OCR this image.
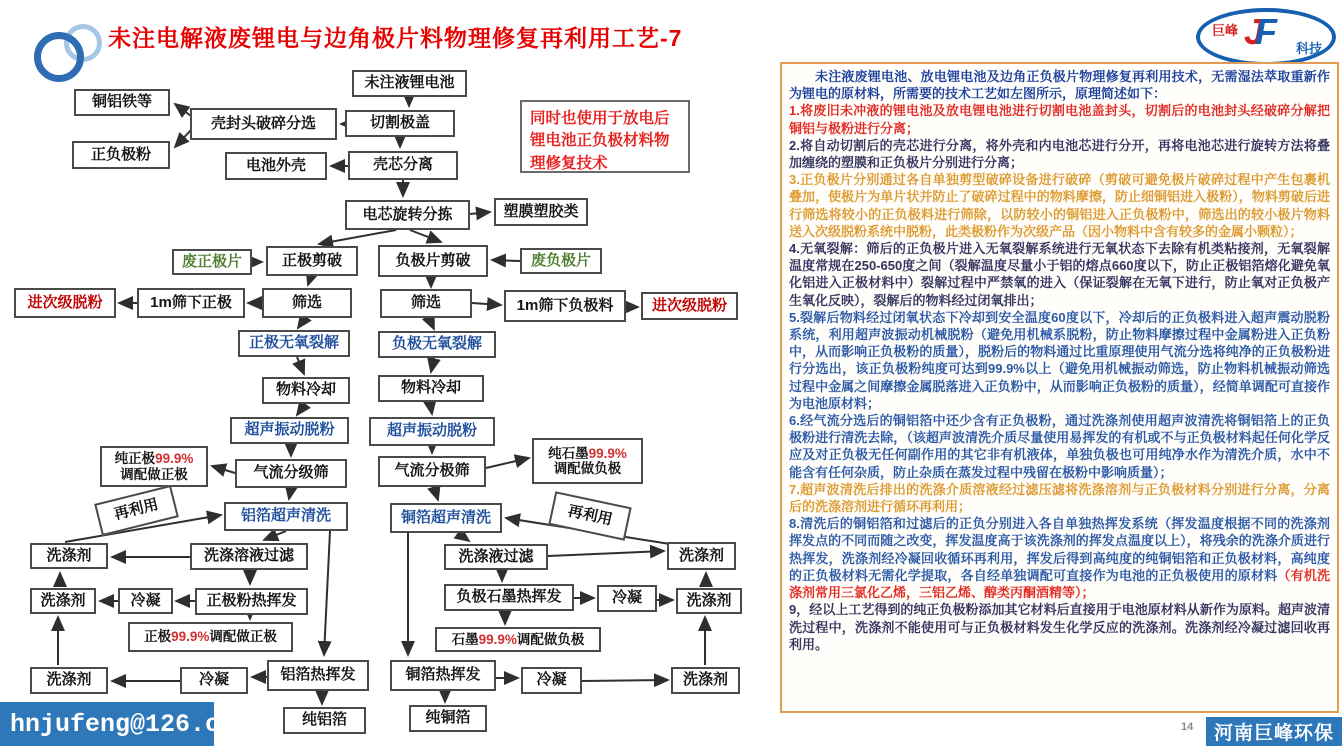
未注电解液废锂电与边角极片料物理修复再利用工艺-7	巨峰 JF 科技
未注液锂电池
切割极盖
壳封头破碎分选
铜铝铁等
正负极粉
电池外壳	壳芯分离
电芯旋转分拣	塑膜塑胶类
同时也使用于放电后锂电池正负极材料物理修复技术
废正极片	正极剪破	负极片剪破	废负极片
进次级脱粉	1m筛下正极	筛选	筛选	1m筛下负极料	进次级脱粉
正极无氧裂解	负极无氧裂解
物料冷却	物料冷却
超声振动脱粉	超声振动脱粉
纯正极99.9%
调配做正极	气流分级筛	气流分极筛
纯石墨99.9%
调配做负极
铝箔超声清洗	铜箔超声清洗
再利用	再利用
洗涤剂	洗涤溶液过滤
洗涤剂	冷凝	正极粉热挥发
正极99.9%调配做正极
洗涤剂	冷凝	铝箔热挥发
纯铝箔
洗涤液过滤	洗涤剂
负极石墨热挥发	冷凝	洗涤剂
石墨99.9%调配做负极
铜箔热挥发	冷凝	洗涤剂
纯铜箔

未注液废锂电池、放电锂电池及边角正负极片物理修复再利用技术，无需湿法萃取重新作为锂电的原材料，所需要的技术工艺如左图所示，原理简述如下：

1.将废旧未冲液的锂电池及放电锂电池进行切割电池盖封头，切割后的电池封头经破碎分解把铜铝与极粉进行分离；

2.将自动切割后的壳芯进行分离，将外壳和内电池芯进行分开，再将电池芯进行旋转方法将叠加缠绕的塑膜和正负极片分别进行分离；

3.正负极片分别通过各自单独剪型破碎设备进行破碎（剪破可避免极片破碎过程中产生包裹机叠加，使极片为单片状并防止了破碎过程中的物料摩擦，防止细铜铝进入极粉），物料剪破后进行筛选将较小的正负极料进行筛除，以防较小的铜铝进入正负极粉中，筛选出的较小极片物料送入次级脱粉系统中脱粉，此类极粉作为次级产品（因小物料中含有较多的金属小颗粒）；

4.无氧裂解：筛后的正负极片进入无氧裂解系统进行无氧状态下去除有机类粘接剂，无氧裂解温度常规在250-650度之间（裂解温度尽量小于铝的熔点660度以下，防止正极铝箔熔化避免氧化铝进入正极材料中）裂解过程中严禁氧的进入（保证裂解在无氧下进行，防止氧对正负极产生氧化反映），裂解后的物料经过闭氧排出；

5.裂解后物料经过闭氧状态下冷却到安全温度60度以下，冷却后的正负极料进入超声震动脱粉系统，利用超声波振动机械脱粉（避免用机械系脱粉，防止物料摩擦过程中金属粉进入正负粉中，从而影响正负极粉的质量），脱粉后的物料通过比重原理使用气流分选将纯净的正负极粉进行分选出，该正负极粉纯度可达到99.9%以上（避免用机械振动筛选，防止物料机械振动筛选过程中金属之间摩擦金属脱落进入正负粉中，从而影响正负极粉的质量），经简单调配可直接作为电池原材料；

6.经气流分选后的铜铝箔中还少含有正负极粉，通过洗涤剂使用超声波清洗将铜铝箔上的正负极粉进行清洗去除，（该超声波清洗介质尽量使用易挥发的有机或不与正负极材料起任何化学反应及对正负极无任何副作用的其它非有机液体，单独负极也可用纯净水作为清洗介质，水中不能含有任何杂质，防止杂质在蒸发过程中残留在极粉中影响质量）；

7.超声波清洗后排出的洗涤介质溶液经过滤压滤将洗涤溶剂与正负极材料分别进行分离，分离后的洗涤溶剂进行循环再利用；

8.清洗后的铜铝箔和过滤后的正负分别进入各自单独热挥发系统（挥发温度根据不同的洗涤剂挥发点的不同而随之改变，挥发温度高于该洗涤剂的挥发点温度以上），将残余的洗涤介质进行热挥发，洗涤剂经冷凝回收循环再利用，挥发后得到高纯度的纯铜铝箔和正负极材料，高纯度的正负极材料无需化学提取，各自经单独调配可直接作为电池的正负极使用的原材料（有机洗涤剂常用三氯化乙烯，三铝乙烯、醇类丙酮酒精等）；

9，经以上工艺得到的纯正负极粉添加其它材料后直接用于电池原材料从新作为原料。超声波清洗过程中，洗涤剂不能使用可与正负极材料发生化学反应的洗涤剂。洗涤剂经冷凝过滤回收再利用。

hnjufeng@126.com	14 河南巨峰环保
